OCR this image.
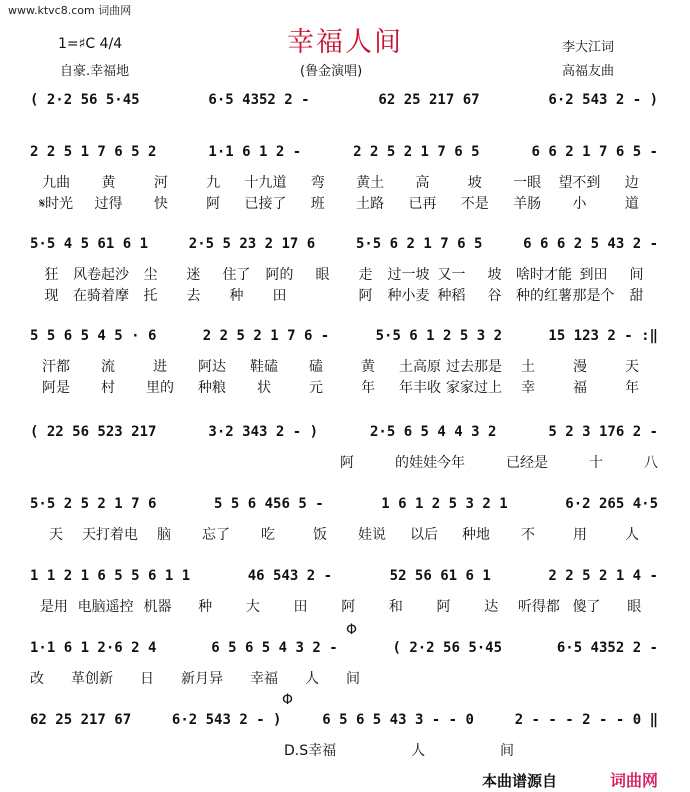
www.ktvc8.com 词曲网
幸福人间
1=♯C 4/4
自豪.幸福地	(鲁金演唱)
李大江词
高福友曲
( 2·2 56 5·45	6·5 4352 2 -	62 25 217 67	6·2 543 2 - )
2 2 5 1 7 6 5 2	1·1 6 1 2 -	2 2 5 2 1 7 6 5	6 6 2 1 7 6 5 -
九曲	黄	河	九	十九道	弯	黄土	高	坡	一眼	望不到	边
𝄋时光	过得	快	阿	已接了	班	土路	已再	不是	羊肠	小	道
5·5 4 5 61 6 1	2·5 5 23 2 17 6	5·5 6 2 1 7 6 5	6 6 6 2 5 43 2 -
狂	风卷起沙	尘	迷	住了	阿的	眼	走	过一坡 又一	坡	啥时才能 到田	间
现	在骑着摩	托	去	种	田	阿	种小麦 种稻	谷	种的红薯 那是个	甜
5 5 6 5 4 5 · 6	2 2 5 2 1 7 6 -	5·5 6 1 2 5 3 2	15 123 2 - :‖
汗都	流	进	阿达	鞋磕	磕	黄	土高原 过去那是	土	漫	天
阿是	村	里的	种粮	状	元	年	年丰收 家家过上	幸	福	年
( 22 56 523 217	3·2 343 2 - )	2·5 6 5 4 4 3 2	5 2 3 176 2 -
阿	的娃娃今年	已经是	十	八
5·5 2 5 2 1 7 6	5 5 6 456 5 -	1 6 1 2 5 3 2 1	6·2 265 4·5
天	天打着电	脑	忘了	吃	饭	娃说	以后	种地	不	用	人
1 1 2 1 6 5 5 6 1 1	46 543 2 -	52 56 61 6 1	2 2 5 2 1 4 -
是用 电脑遥控 机器	种	大	田	阿	和	阿	达	听得都 傻了	眼
1·1 6 1 2·6 2 4	6 5 6 5 4 3 2 -	( 2·2 56 5·45	6·5 4352 2 -
Φ
改 革创新 日 新月异 幸福 人 间
Φ
62 25 217 67	6·2 543 2 - )	6 5 6 5 43 3 - - 0	2 - - - 2 - - 0 ‖
D.S幸福	人	间
本曲谱源自	词曲网
